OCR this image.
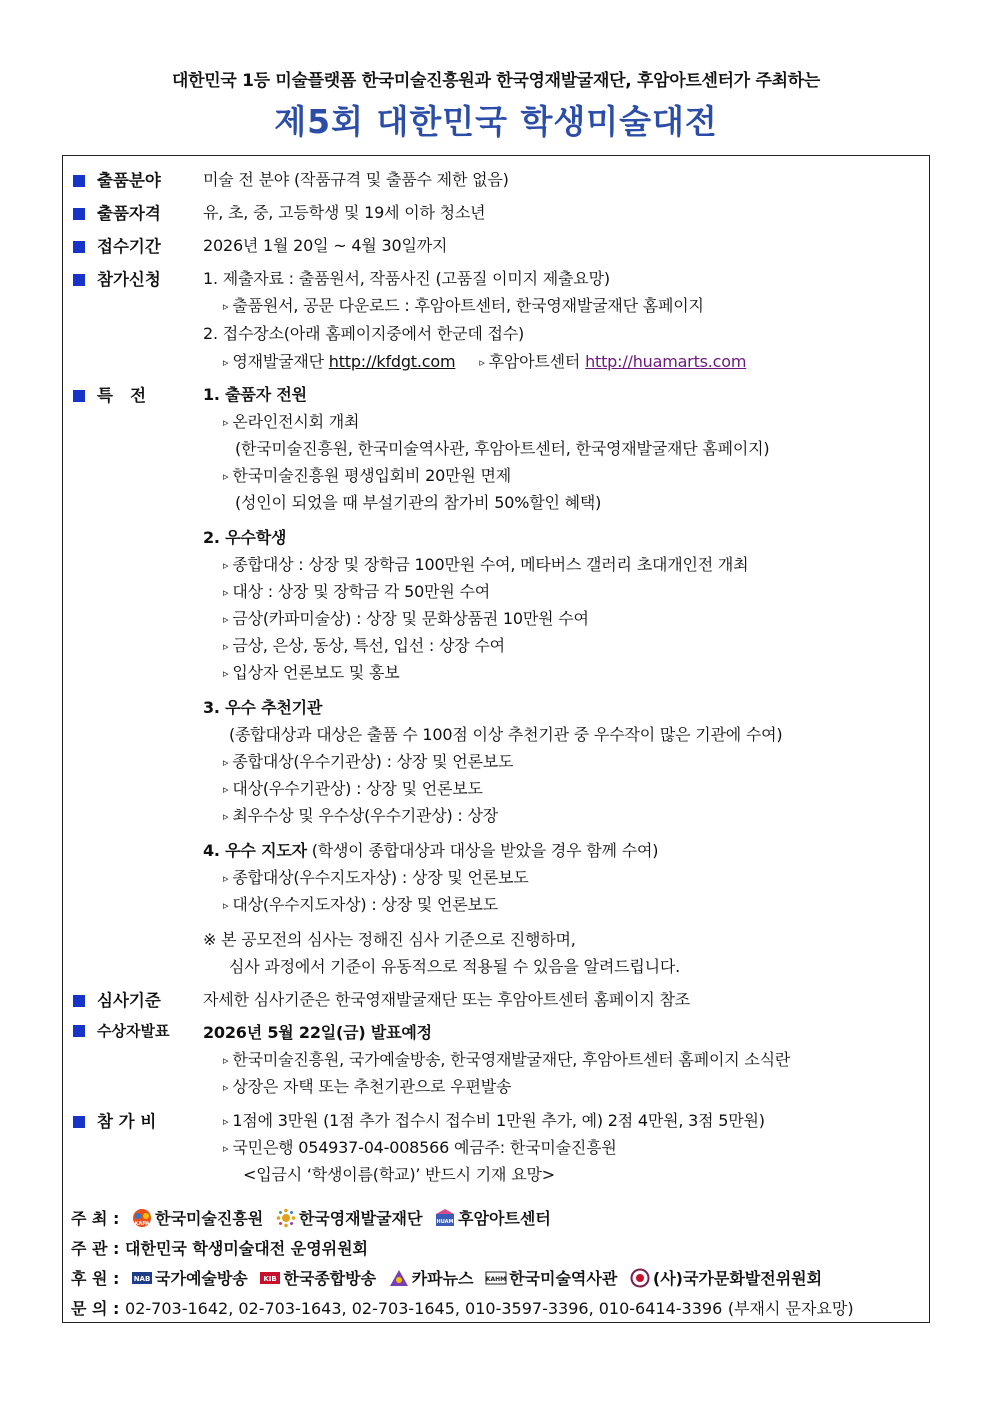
대한민국 1등 미술플랫폼 한국미술진흥원과 한국영재발굴재단, 후암아트센터가 주최하는
제5회 대한민국 학생미술대전
출품분야	미술 전 분야 (작품규격 및 출품수 제한 없음)
출품자격	유, 초, 중, 고등학생 및 19세 이하 청소년
접수기간	2026년 1월 20일 ~ 4월 30일까지
참가신청	1. 제출자료 : 출품원서, 작품사진 (고품질 이미지 제출요망)
▹ 출품원서, 공문 다운로드 : 후암아트센터, 한국영재발굴재단 홈페이지
2. 접수장소(아래 홈페이지중에서 한군데 접수)
▹ 영재발굴재단 http://kfdgt.com ▹ 후암아트센터 http://huamarts.com
특   전	1. 출품자 전원
▹ 온라인전시회 개최
(한국미술진흥원, 한국미술역사관, 후암아트센터, 한국영재발굴재단 홈페이지)
▹ 한국미술진흥원 평생입회비 20만원 면제
(성인이 되었을 때 부설기관의 참가비 50%할인 혜택)
2. 우수학생
▹ 종합대상 : 상장 및 장학금 100만원 수여, 메타버스 갤러리 초대개인전 개최
▹ 대상 : 상장 및 장학금 각 50만원 수여
▹ 금상(카파미술상) : 상장 및 문화상품권 10만원 수여
▹ 금상, 은상, 동상, 특선, 입선 : 상장 수여
▹ 입상자 언론보도 및 홍보
3. 우수 추천기관
(종합대상과 대상은 출품 수 100점 이상 추천기관 중 우수작이 많은 기관에 수여)
▹ 종합대상(우수기관상) : 상장 및 언론보도
▹ 대상(우수기관상) : 상장 및 언론보도
▹ 최우수상 및 우수상(우수기관상) : 상장
4. 우수 지도자 (학생이 종합대상과 대상을 받았을 경우 함께 수여)
▹ 종합대상(우수지도자상) : 상장 및 언론보도
▹ 대상(우수지도자상) : 상장 및 언론보도
※ 본 공모전의 심사는 정해진 심사 기준으로 진행하며,
심사 과정에서 기준이 유동적으로 적용될 수 있음을 알려드립니다.
심사기준	자세한 심사기준은 한국영재발굴재단 또는 후암아트센터 홈페이지 참조
수상자발표 2026년 5월 22일(금) 발표예정
▹ 한국미술진흥원, 국가예술방송, 한국영재발굴재단, 후암아트센터 홈페이지 소식란
▹ 상장은 자택 또는 추천기관으로 우편발송
참 가 비	▹ 1점에 3만원 (1점 추가 접수시 접수비 1만원 추가, 예) 2점 4만원, 3점 5만원)
▹ 국민은행 054937-04-008566 예금주: 한국미술진흥원
<입금시 ‘학생이름(학교)’ 반드시 기재 요망>
주 최 :	KAPA 한국미술진흥원 한국영재발굴재단	HUAM 후암아트센터
주 관 : 대한민국 학생미술대전 운영위원회
후 원 : NAB 국가예술방송 KIB 한국종합방송 카파뉴스 KAHM 한국미술역사관 (사)국가문화발전위원회
문 의 : 02-703-1642, 02-703-1643, 02-703-1645, 010-3597-3396, 010-6414-3396 (부재시 문자요망)
